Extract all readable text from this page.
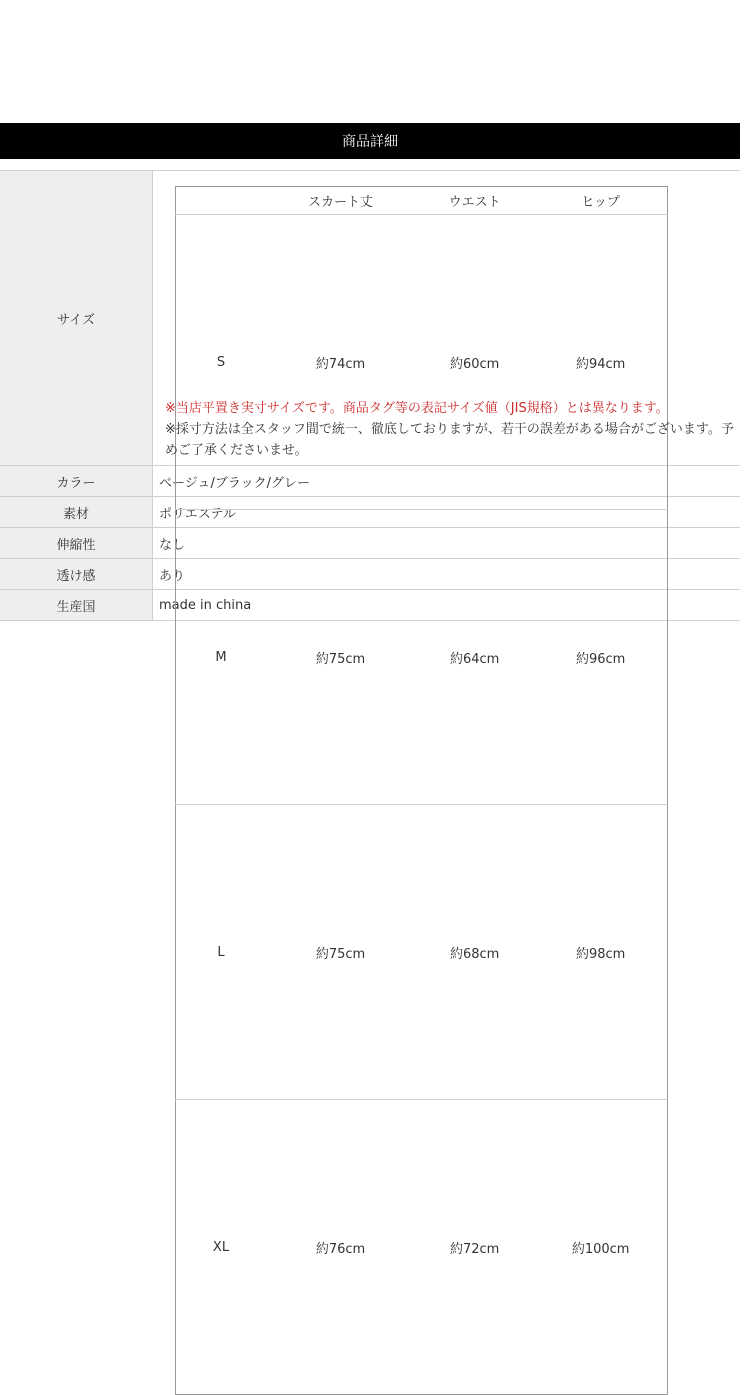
商品詳細
サイズ	
	スカート丈	ウエスト	ヒップ
S	約74cm	約60cm	約94cm
M	約75cm	約64cm	約96cm
L	約75cm	約68cm	約98cm
XL	約76cm	約72cm	約100cm
※当店平置き実寸サイズです。商品タグ等の表記サイズ値（JIS規格）とは異なります。
※採寸方法は全スタッフ間で統一、徹底しておりますが、若干の誤差がある場合がございます。予めご了承くださいませ。

カラー	ベージュ/ブラック/グレー
素材	ポリエステル
伸縮性	なし
透け感	あり
生産国	made in china
